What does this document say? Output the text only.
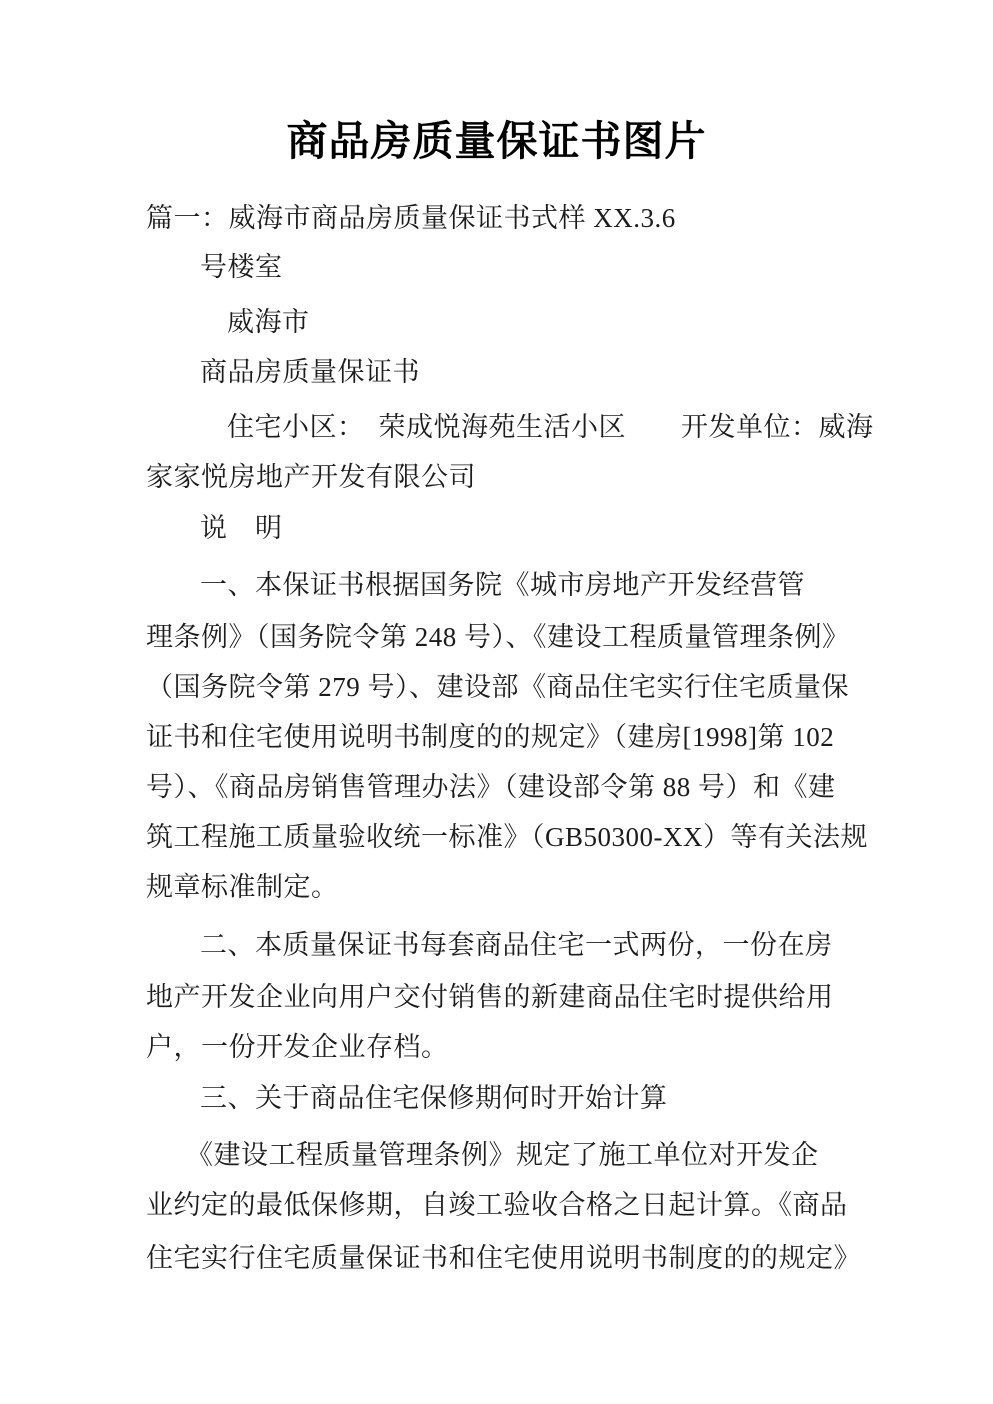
商品房质量保证书图片
篇一：威海市商品房质量保证书式样 XX.3.6
号楼室
威海市
商品房质量保证书
住宅小区：　荣成悦海苑生活小区　　开发单位：威海
家家悦房地产开发有限公司
说　明
一、本保证书根据国务院《城市房地产开发经营管
理条例》（国务院令第 248 号）、《建设工程质量管理条例》
（国务院令第 279 号）、建设部《商品住宅实行住宅质量保
证书和住宅使用说明书制度的的规定》（建房[1998]第 102
号）、《商品房销售管理办法》（建设部令第 88 号）和《建
筑工程施工质量验收统一标准》（GB50300-XX）等有关法规
规章标准制定。
二、本质量保证书每套商品住宅一式两份，一份在房
地产开发企业向用户交付销售的新建商品住宅时提供给用
户，一份开发企业存档。
三、关于商品住宅保修期何时开始计算
《建设工程质量管理条例》规定了施工单位对开发企
业约定的最低保修期，自竣工验收合格之日起计算。《商品
住宅实行住宅质量保证书和住宅使用说明书制度的的规定》
